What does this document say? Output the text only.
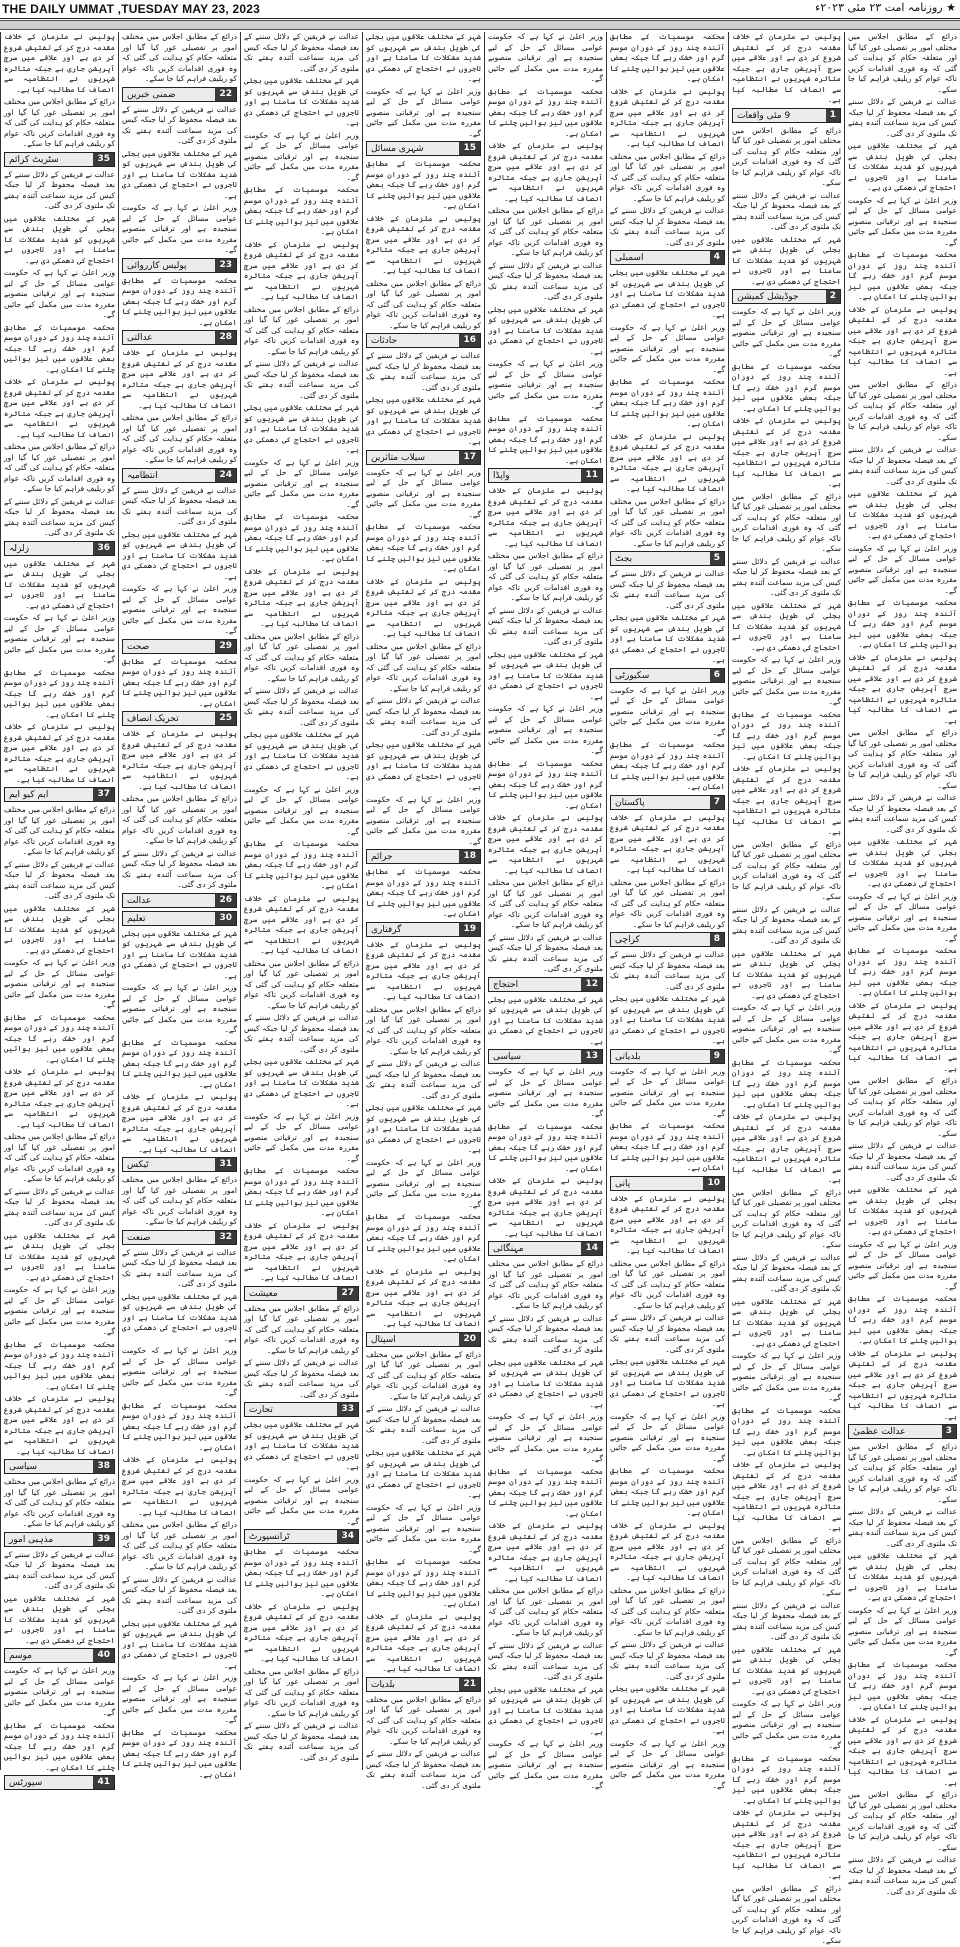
THE DAILY UMMAT ,TUESDAY MAY 23, 2023	★ روزنامہ امت ۲۳ مئی ۲۰۲۳ء

پولیس نے ملزمان کے خلاف مقدمہ درج کر کے تفتیش شروع کر دی ہے اور علاقے میں سرچ آپریشن جاری ہے جبکہ متاثرہ شہریوں نے انتظامیہ سے انصاف کا مطالبہ کیا ہے۔

ذرائع کے مطابق اجلاس میں مختلف امور پر تفصیلی غور کیا گیا اور متعلقہ حکام کو ہدایت کی گئی کہ وہ فوری اقدامات کریں تاکہ عوام کو ریلیف فراہم کیا جا سکے۔

سٹریٹ کرائم	35

عدالت نے فریقین کے دلائل سننے کے بعد فیصلہ محفوظ کر لیا جبکہ کیس کی مزید سماعت آئندہ ہفتے تک ملتوی کر دی گئی۔

شہر کے مختلف علاقوں میں بجلی کی طویل بندش سے شہریوں کو شدید مشکلات کا سامنا ہے اور تاجروں نے احتجاج کی دھمکی دی ہے۔

وزیر اعلیٰ نے کہا ہے کہ حکومت عوامی مسائل کے حل کے لیے سنجیدہ ہے اور ترقیاتی منصوبے مقررہ مدت میں مکمل کیے جائیں گے۔

محکمہ موسمیات کے مطابق آئندہ چند روز کے دوران موسم گرم اور خشک رہے گا جبکہ بعض علاقوں میں تیز ہوائیں چلنے کا امکان ہے۔

پولیس نے ملزمان کے خلاف مقدمہ درج کر کے تفتیش شروع کر دی ہے اور علاقے میں سرچ آپریشن جاری ہے جبکہ متاثرہ شہریوں نے انتظامیہ سے انصاف کا مطالبہ کیا ہے۔

ذرائع کے مطابق اجلاس میں مختلف امور پر تفصیلی غور کیا گیا اور متعلقہ حکام کو ہدایت کی گئی کہ وہ فوری اقدامات کریں تاکہ عوام کو ریلیف فراہم کیا جا سکے۔

عدالت نے فریقین کے دلائل سننے کے بعد فیصلہ محفوظ کر لیا جبکہ کیس کی مزید سماعت آئندہ ہفتے تک ملتوی کر دی گئی۔

زلزلہ	36

شہر کے مختلف علاقوں میں بجلی کی طویل بندش سے شہریوں کو شدید مشکلات کا سامنا ہے اور تاجروں نے احتجاج کی دھمکی دی ہے۔

وزیر اعلیٰ نے کہا ہے کہ حکومت عوامی مسائل کے حل کے لیے سنجیدہ ہے اور ترقیاتی منصوبے مقررہ مدت میں مکمل کیے جائیں گے۔

محکمہ موسمیات کے مطابق آئندہ چند روز کے دوران موسم گرم اور خشک رہے گا جبکہ بعض علاقوں میں تیز ہوائیں چلنے کا امکان ہے۔

پولیس نے ملزمان کے خلاف مقدمہ درج کر کے تفتیش شروع کر دی ہے اور علاقے میں سرچ آپریشن جاری ہے جبکہ متاثرہ شہریوں نے انتظامیہ سے انصاف کا مطالبہ کیا ہے۔

ایم کیو ایم	37

ذرائع کے مطابق اجلاس میں مختلف امور پر تفصیلی غور کیا گیا اور متعلقہ حکام کو ہدایت کی گئی کہ وہ فوری اقدامات کریں تاکہ عوام کو ریلیف فراہم کیا جا سکے۔

عدالت نے فریقین کے دلائل سننے کے بعد فیصلہ محفوظ کر لیا جبکہ کیس کی مزید سماعت آئندہ ہفتے تک ملتوی کر دی گئی۔

شہر کے مختلف علاقوں میں بجلی کی طویل بندش سے شہریوں کو شدید مشکلات کا سامنا ہے اور تاجروں نے احتجاج کی دھمکی دی ہے۔

وزیر اعلیٰ نے کہا ہے کہ حکومت عوامی مسائل کے حل کے لیے سنجیدہ ہے اور ترقیاتی منصوبے مقررہ مدت میں مکمل کیے جائیں گے۔

محکمہ موسمیات کے مطابق آئندہ چند روز کے دوران موسم گرم اور خشک رہے گا جبکہ بعض علاقوں میں تیز ہوائیں چلنے کا امکان ہے۔

پولیس نے ملزمان کے خلاف مقدمہ درج کر کے تفتیش شروع کر دی ہے اور علاقے میں سرچ آپریشن جاری ہے جبکہ متاثرہ شہریوں نے انتظامیہ سے انصاف کا مطالبہ کیا ہے۔

ذرائع کے مطابق اجلاس میں مختلف امور پر تفصیلی غور کیا گیا اور متعلقہ حکام کو ہدایت کی گئی کہ وہ فوری اقدامات کریں تاکہ عوام کو ریلیف فراہم کیا جا سکے۔

عدالت نے فریقین کے دلائل سننے کے بعد فیصلہ محفوظ کر لیا جبکہ کیس کی مزید سماعت آئندہ ہفتے تک ملتوی کر دی گئی۔

شہر کے مختلف علاقوں میں بجلی کی طویل بندش سے شہریوں کو شدید مشکلات کا سامنا ہے اور تاجروں نے احتجاج کی دھمکی دی ہے۔

وزیر اعلیٰ نے کہا ہے کہ حکومت عوامی مسائل کے حل کے لیے سنجیدہ ہے اور ترقیاتی منصوبے مقررہ مدت میں مکمل کیے جائیں گے۔

محکمہ موسمیات کے مطابق آئندہ چند روز کے دوران موسم گرم اور خشک رہے گا جبکہ بعض علاقوں میں تیز ہوائیں چلنے کا امکان ہے۔

پولیس نے ملزمان کے خلاف مقدمہ درج کر کے تفتیش شروع کر دی ہے اور علاقے میں سرچ آپریشن جاری ہے جبکہ متاثرہ شہریوں نے انتظامیہ سے انصاف کا مطالبہ کیا ہے۔

سیاسی	38

ذرائع کے مطابق اجلاس میں مختلف امور پر تفصیلی غور کیا گیا اور متعلقہ حکام کو ہدایت کی گئی کہ وہ فوری اقدامات کریں تاکہ عوام کو ریلیف فراہم کیا جا سکے۔

مذہبی امور	39

عدالت نے فریقین کے دلائل سننے کے بعد فیصلہ محفوظ کر لیا جبکہ کیس کی مزید سماعت آئندہ ہفتے تک ملتوی کر دی گئی۔

شہر کے مختلف علاقوں میں بجلی کی طویل بندش سے شہریوں کو شدید مشکلات کا سامنا ہے اور تاجروں نے احتجاج کی دھمکی دی ہے۔

موسم	40

وزیر اعلیٰ نے کہا ہے کہ حکومت عوامی مسائل کے حل کے لیے سنجیدہ ہے اور ترقیاتی منصوبے مقررہ مدت میں مکمل کیے جائیں گے۔

محکمہ موسمیات کے مطابق آئندہ چند روز کے دوران موسم گرم اور خشک رہے گا جبکہ بعض علاقوں میں تیز ہوائیں چلنے کا امکان ہے۔

سپورٹس	41

ذرائع کے مطابق اجلاس میں مختلف امور پر تفصیلی غور کیا گیا اور متعلقہ حکام کو ہدایت کی گئی کہ وہ فوری اقدامات کریں تاکہ عوام کو ریلیف فراہم کیا جا سکے۔

ضمنی خبریں	22

عدالت نے فریقین کے دلائل سننے کے بعد فیصلہ محفوظ کر لیا جبکہ کیس کی مزید سماعت آئندہ ہفتے تک ملتوی کر دی گئی۔

شہر کے مختلف علاقوں میں بجلی کی طویل بندش سے شہریوں کو شدید مشکلات کا سامنا ہے اور تاجروں نے احتجاج کی دھمکی دی ہے۔

وزیر اعلیٰ نے کہا ہے کہ حکومت عوامی مسائل کے حل کے لیے سنجیدہ ہے اور ترقیاتی منصوبے مقررہ مدت میں مکمل کیے جائیں گے۔

پولیس کارروائی	23

محکمہ موسمیات کے مطابق آئندہ چند روز کے دوران موسم گرم اور خشک رہے گا جبکہ بعض علاقوں میں تیز ہوائیں چلنے کا امکان ہے۔

عدالتی	28

پولیس نے ملزمان کے خلاف مقدمہ درج کر کے تفتیش شروع کر دی ہے اور علاقے میں سرچ آپریشن جاری ہے جبکہ متاثرہ شہریوں نے انتظامیہ سے انصاف کا مطالبہ کیا ہے۔

ذرائع کے مطابق اجلاس میں مختلف امور پر تفصیلی غور کیا گیا اور متعلقہ حکام کو ہدایت کی گئی کہ وہ فوری اقدامات کریں تاکہ عوام کو ریلیف فراہم کیا جا سکے۔

انتظامیہ	24

عدالت نے فریقین کے دلائل سننے کے بعد فیصلہ محفوظ کر لیا جبکہ کیس کی مزید سماعت آئندہ ہفتے تک ملتوی کر دی گئی۔

شہر کے مختلف علاقوں میں بجلی کی طویل بندش سے شہریوں کو شدید مشکلات کا سامنا ہے اور تاجروں نے احتجاج کی دھمکی دی ہے۔

وزیر اعلیٰ نے کہا ہے کہ حکومت عوامی مسائل کے حل کے لیے سنجیدہ ہے اور ترقیاتی منصوبے مقررہ مدت میں مکمل کیے جائیں گے۔

صحت	29

محکمہ موسمیات کے مطابق آئندہ چند روز کے دوران موسم گرم اور خشک رہے گا جبکہ بعض علاقوں میں تیز ہوائیں چلنے کا امکان ہے۔

تحریک انصاف	25

پولیس نے ملزمان کے خلاف مقدمہ درج کر کے تفتیش شروع کر دی ہے اور علاقے میں سرچ آپریشن جاری ہے جبکہ متاثرہ شہریوں نے انتظامیہ سے انصاف کا مطالبہ کیا ہے۔

ذرائع کے مطابق اجلاس میں مختلف امور پر تفصیلی غور کیا گیا اور متعلقہ حکام کو ہدایت کی گئی کہ وہ فوری اقدامات کریں تاکہ عوام کو ریلیف فراہم کیا جا سکے۔

عدالت نے فریقین کے دلائل سننے کے بعد فیصلہ محفوظ کر لیا جبکہ کیس کی مزید سماعت آئندہ ہفتے تک ملتوی کر دی گئی۔

عدالت	26
تعلیم	30

شہر کے مختلف علاقوں میں بجلی کی طویل بندش سے شہریوں کو شدید مشکلات کا سامنا ہے اور تاجروں نے احتجاج کی دھمکی دی ہے۔

وزیر اعلیٰ نے کہا ہے کہ حکومت عوامی مسائل کے حل کے لیے سنجیدہ ہے اور ترقیاتی منصوبے مقررہ مدت میں مکمل کیے جائیں گے۔

محکمہ موسمیات کے مطابق آئندہ چند روز کے دوران موسم گرم اور خشک رہے گا جبکہ بعض علاقوں میں تیز ہوائیں چلنے کا امکان ہے۔

پولیس نے ملزمان کے خلاف مقدمہ درج کر کے تفتیش شروع کر دی ہے اور علاقے میں سرچ آپریشن جاری ہے جبکہ متاثرہ شہریوں نے انتظامیہ سے انصاف کا مطالبہ کیا ہے۔

ٹیکس	31

ذرائع کے مطابق اجلاس میں مختلف امور پر تفصیلی غور کیا گیا اور متعلقہ حکام کو ہدایت کی گئی کہ وہ فوری اقدامات کریں تاکہ عوام کو ریلیف فراہم کیا جا سکے۔

صنعت	32

عدالت نے فریقین کے دلائل سننے کے بعد فیصلہ محفوظ کر لیا جبکہ کیس کی مزید سماعت آئندہ ہفتے تک ملتوی کر دی گئی۔

شہر کے مختلف علاقوں میں بجلی کی طویل بندش سے شہریوں کو شدید مشکلات کا سامنا ہے اور تاجروں نے احتجاج کی دھمکی دی ہے۔

وزیر اعلیٰ نے کہا ہے کہ حکومت عوامی مسائل کے حل کے لیے سنجیدہ ہے اور ترقیاتی منصوبے مقررہ مدت میں مکمل کیے جائیں گے۔

محکمہ موسمیات کے مطابق آئندہ چند روز کے دوران موسم گرم اور خشک رہے گا جبکہ بعض علاقوں میں تیز ہوائیں چلنے کا امکان ہے۔

پولیس نے ملزمان کے خلاف مقدمہ درج کر کے تفتیش شروع کر دی ہے اور علاقے میں سرچ آپریشن جاری ہے جبکہ متاثرہ شہریوں نے انتظامیہ سے انصاف کا مطالبہ کیا ہے۔

ذرائع کے مطابق اجلاس میں مختلف امور پر تفصیلی غور کیا گیا اور متعلقہ حکام کو ہدایت کی گئی کہ وہ فوری اقدامات کریں تاکہ عوام کو ریلیف فراہم کیا جا سکے۔

عدالت نے فریقین کے دلائل سننے کے بعد فیصلہ محفوظ کر لیا جبکہ کیس کی مزید سماعت آئندہ ہفتے تک ملتوی کر دی گئی۔

شہر کے مختلف علاقوں میں بجلی کی طویل بندش سے شہریوں کو شدید مشکلات کا سامنا ہے اور تاجروں نے احتجاج کی دھمکی دی ہے۔

وزیر اعلیٰ نے کہا ہے کہ حکومت عوامی مسائل کے حل کے لیے سنجیدہ ہے اور ترقیاتی منصوبے مقررہ مدت میں مکمل کیے جائیں گے۔

محکمہ موسمیات کے مطابق آئندہ چند روز کے دوران موسم گرم اور خشک رہے گا جبکہ بعض علاقوں میں تیز ہوائیں چلنے کا امکان ہے۔

عدالت نے فریقین کے دلائل سننے کے بعد فیصلہ محفوظ کر لیا جبکہ کیس کی مزید سماعت آئندہ ہفتے تک ملتوی کر دی گئی۔

شہر کے مختلف علاقوں میں بجلی کی طویل بندش سے شہریوں کو شدید مشکلات کا سامنا ہے اور تاجروں نے احتجاج کی دھمکی دی ہے۔

وزیر اعلیٰ نے کہا ہے کہ حکومت عوامی مسائل کے حل کے لیے سنجیدہ ہے اور ترقیاتی منصوبے مقررہ مدت میں مکمل کیے جائیں گے۔

محکمہ موسمیات کے مطابق آئندہ چند روز کے دوران موسم گرم اور خشک رہے گا جبکہ بعض علاقوں میں تیز ہوائیں چلنے کا امکان ہے۔

پولیس نے ملزمان کے خلاف مقدمہ درج کر کے تفتیش شروع کر دی ہے اور علاقے میں سرچ آپریشن جاری ہے جبکہ متاثرہ شہریوں نے انتظامیہ سے انصاف کا مطالبہ کیا ہے۔

ذرائع کے مطابق اجلاس میں مختلف امور پر تفصیلی غور کیا گیا اور متعلقہ حکام کو ہدایت کی گئی کہ وہ فوری اقدامات کریں تاکہ عوام کو ریلیف فراہم کیا جا سکے۔

عدالت نے فریقین کے دلائل سننے کے بعد فیصلہ محفوظ کر لیا جبکہ کیس کی مزید سماعت آئندہ ہفتے تک ملتوی کر دی گئی۔

شہر کے مختلف علاقوں میں بجلی کی طویل بندش سے شہریوں کو شدید مشکلات کا سامنا ہے اور تاجروں نے احتجاج کی دھمکی دی ہے۔

وزیر اعلیٰ نے کہا ہے کہ حکومت عوامی مسائل کے حل کے لیے سنجیدہ ہے اور ترقیاتی منصوبے مقررہ مدت میں مکمل کیے جائیں گے۔

محکمہ موسمیات کے مطابق آئندہ چند روز کے دوران موسم گرم اور خشک رہے گا جبکہ بعض علاقوں میں تیز ہوائیں چلنے کا امکان ہے۔

پولیس نے ملزمان کے خلاف مقدمہ درج کر کے تفتیش شروع کر دی ہے اور علاقے میں سرچ آپریشن جاری ہے جبکہ متاثرہ شہریوں نے انتظامیہ سے انصاف کا مطالبہ کیا ہے۔

ذرائع کے مطابق اجلاس میں مختلف امور پر تفصیلی غور کیا گیا اور متعلقہ حکام کو ہدایت کی گئی کہ وہ فوری اقدامات کریں تاکہ عوام کو ریلیف فراہم کیا جا سکے۔

عدالت نے فریقین کے دلائل سننے کے بعد فیصلہ محفوظ کر لیا جبکہ کیس کی مزید سماعت آئندہ ہفتے تک ملتوی کر دی گئی۔

شہر کے مختلف علاقوں میں بجلی کی طویل بندش سے شہریوں کو شدید مشکلات کا سامنا ہے اور تاجروں نے احتجاج کی دھمکی دی ہے۔

وزیر اعلیٰ نے کہا ہے کہ حکومت عوامی مسائل کے حل کے لیے سنجیدہ ہے اور ترقیاتی منصوبے مقررہ مدت میں مکمل کیے جائیں گے۔

محکمہ موسمیات کے مطابق آئندہ چند روز کے دوران موسم گرم اور خشک رہے گا جبکہ بعض علاقوں میں تیز ہوائیں چلنے کا امکان ہے۔

پولیس نے ملزمان کے خلاف مقدمہ درج کر کے تفتیش شروع کر دی ہے اور علاقے میں سرچ آپریشن جاری ہے جبکہ متاثرہ شہریوں نے انتظامیہ سے انصاف کا مطالبہ کیا ہے۔

ذرائع کے مطابق اجلاس میں مختلف امور پر تفصیلی غور کیا گیا اور متعلقہ حکام کو ہدایت کی گئی کہ وہ فوری اقدامات کریں تاکہ عوام کو ریلیف فراہم کیا جا سکے۔

عدالت نے فریقین کے دلائل سننے کے بعد فیصلہ محفوظ کر لیا جبکہ کیس کی مزید سماعت آئندہ ہفتے تک ملتوی کر دی گئی۔

شہر کے مختلف علاقوں میں بجلی کی طویل بندش سے شہریوں کو شدید مشکلات کا سامنا ہے اور تاجروں نے احتجاج کی دھمکی دی ہے۔

وزیر اعلیٰ نے کہا ہے کہ حکومت عوامی مسائل کے حل کے لیے سنجیدہ ہے اور ترقیاتی منصوبے مقررہ مدت میں مکمل کیے جائیں گے۔

محکمہ موسمیات کے مطابق آئندہ چند روز کے دوران موسم گرم اور خشک رہے گا جبکہ بعض علاقوں میں تیز ہوائیں چلنے کا امکان ہے۔

پولیس نے ملزمان کے خلاف مقدمہ درج کر کے تفتیش شروع کر دی ہے اور علاقے میں سرچ آپریشن جاری ہے جبکہ متاثرہ شہریوں نے انتظامیہ سے انصاف کا مطالبہ کیا ہے۔

معیشت	27

ذرائع کے مطابق اجلاس میں مختلف امور پر تفصیلی غور کیا گیا اور متعلقہ حکام کو ہدایت کی گئی کہ وہ فوری اقدامات کریں تاکہ عوام کو ریلیف فراہم کیا جا سکے۔

عدالت نے فریقین کے دلائل سننے کے بعد فیصلہ محفوظ کر لیا جبکہ کیس کی مزید سماعت آئندہ ہفتے تک ملتوی کر دی گئی۔

تجارت	33

شہر کے مختلف علاقوں میں بجلی کی طویل بندش سے شہریوں کو شدید مشکلات کا سامنا ہے اور تاجروں نے احتجاج کی دھمکی دی ہے۔

وزیر اعلیٰ نے کہا ہے کہ حکومت عوامی مسائل کے حل کے لیے سنجیدہ ہے اور ترقیاتی منصوبے مقررہ مدت میں مکمل کیے جائیں گے۔

ٹرانسپورٹ	34

محکمہ موسمیات کے مطابق آئندہ چند روز کے دوران موسم گرم اور خشک رہے گا جبکہ بعض علاقوں میں تیز ہوائیں چلنے کا امکان ہے۔

پولیس نے ملزمان کے خلاف مقدمہ درج کر کے تفتیش شروع کر دی ہے اور علاقے میں سرچ آپریشن جاری ہے جبکہ متاثرہ شہریوں نے انتظامیہ سے انصاف کا مطالبہ کیا ہے۔

ذرائع کے مطابق اجلاس میں مختلف امور پر تفصیلی غور کیا گیا اور متعلقہ حکام کو ہدایت کی گئی کہ وہ فوری اقدامات کریں تاکہ عوام کو ریلیف فراہم کیا جا سکے۔

عدالت نے فریقین کے دلائل سننے کے بعد فیصلہ محفوظ کر لیا جبکہ کیس کی مزید سماعت آئندہ ہفتے تک ملتوی کر دی گئی۔

شہر کے مختلف علاقوں میں بجلی کی طویل بندش سے شہریوں کو شدید مشکلات کا سامنا ہے اور تاجروں نے احتجاج کی دھمکی دی ہے۔

وزیر اعلیٰ نے کہا ہے کہ حکومت عوامی مسائل کے حل کے لیے سنجیدہ ہے اور ترقیاتی منصوبے مقررہ مدت میں مکمل کیے جائیں گے۔

شہری مسائل	15

محکمہ موسمیات کے مطابق آئندہ چند روز کے دوران موسم گرم اور خشک رہے گا جبکہ بعض علاقوں میں تیز ہوائیں چلنے کا امکان ہے۔

پولیس نے ملزمان کے خلاف مقدمہ درج کر کے تفتیش شروع کر دی ہے اور علاقے میں سرچ آپریشن جاری ہے جبکہ متاثرہ شہریوں نے انتظامیہ سے انصاف کا مطالبہ کیا ہے۔

ذرائع کے مطابق اجلاس میں مختلف امور پر تفصیلی غور کیا گیا اور متعلقہ حکام کو ہدایت کی گئی کہ وہ فوری اقدامات کریں تاکہ عوام کو ریلیف فراہم کیا جا سکے۔

حادثات	16

عدالت نے فریقین کے دلائل سننے کے بعد فیصلہ محفوظ کر لیا جبکہ کیس کی مزید سماعت آئندہ ہفتے تک ملتوی کر دی گئی۔

شہر کے مختلف علاقوں میں بجلی کی طویل بندش سے شہریوں کو شدید مشکلات کا سامنا ہے اور تاجروں نے احتجاج کی دھمکی دی ہے۔

سیلاب متاثرین	17

وزیر اعلیٰ نے کہا ہے کہ حکومت عوامی مسائل کے حل کے لیے سنجیدہ ہے اور ترقیاتی منصوبے مقررہ مدت میں مکمل کیے جائیں گے۔

محکمہ موسمیات کے مطابق آئندہ چند روز کے دوران موسم گرم اور خشک رہے گا جبکہ بعض علاقوں میں تیز ہوائیں چلنے کا امکان ہے۔

پولیس نے ملزمان کے خلاف مقدمہ درج کر کے تفتیش شروع کر دی ہے اور علاقے میں سرچ آپریشن جاری ہے جبکہ متاثرہ شہریوں نے انتظامیہ سے انصاف کا مطالبہ کیا ہے۔

ذرائع کے مطابق اجلاس میں مختلف امور پر تفصیلی غور کیا گیا اور متعلقہ حکام کو ہدایت کی گئی کہ وہ فوری اقدامات کریں تاکہ عوام کو ریلیف فراہم کیا جا سکے۔

عدالت نے فریقین کے دلائل سننے کے بعد فیصلہ محفوظ کر لیا جبکہ کیس کی مزید سماعت آئندہ ہفتے تک ملتوی کر دی گئی۔

شہر کے مختلف علاقوں میں بجلی کی طویل بندش سے شہریوں کو شدید مشکلات کا سامنا ہے اور تاجروں نے احتجاج کی دھمکی دی ہے۔

وزیر اعلیٰ نے کہا ہے کہ حکومت عوامی مسائل کے حل کے لیے سنجیدہ ہے اور ترقیاتی منصوبے مقررہ مدت میں مکمل کیے جائیں گے۔

جرائم	18

محکمہ موسمیات کے مطابق آئندہ چند روز کے دوران موسم گرم اور خشک رہے گا جبکہ بعض علاقوں میں تیز ہوائیں چلنے کا امکان ہے۔

گرفتاری	19

پولیس نے ملزمان کے خلاف مقدمہ درج کر کے تفتیش شروع کر دی ہے اور علاقے میں سرچ آپریشن جاری ہے جبکہ متاثرہ شہریوں نے انتظامیہ سے انصاف کا مطالبہ کیا ہے۔

ذرائع کے مطابق اجلاس میں مختلف امور پر تفصیلی غور کیا گیا اور متعلقہ حکام کو ہدایت کی گئی کہ وہ فوری اقدامات کریں تاکہ عوام کو ریلیف فراہم کیا جا سکے۔

عدالت نے فریقین کے دلائل سننے کے بعد فیصلہ محفوظ کر لیا جبکہ کیس کی مزید سماعت آئندہ ہفتے تک ملتوی کر دی گئی۔

شہر کے مختلف علاقوں میں بجلی کی طویل بندش سے شہریوں کو شدید مشکلات کا سامنا ہے اور تاجروں نے احتجاج کی دھمکی دی ہے۔

وزیر اعلیٰ نے کہا ہے کہ حکومت عوامی مسائل کے حل کے لیے سنجیدہ ہے اور ترقیاتی منصوبے مقررہ مدت میں مکمل کیے جائیں گے۔

محکمہ موسمیات کے مطابق آئندہ چند روز کے دوران موسم گرم اور خشک رہے گا جبکہ بعض علاقوں میں تیز ہوائیں چلنے کا امکان ہے۔

پولیس نے ملزمان کے خلاف مقدمہ درج کر کے تفتیش شروع کر دی ہے اور علاقے میں سرچ آپریشن جاری ہے جبکہ متاثرہ شہریوں نے انتظامیہ سے انصاف کا مطالبہ کیا ہے۔

اسپتال	20

ذرائع کے مطابق اجلاس میں مختلف امور پر تفصیلی غور کیا گیا اور متعلقہ حکام کو ہدایت کی گئی کہ وہ فوری اقدامات کریں تاکہ عوام کو ریلیف فراہم کیا جا سکے۔

عدالت نے فریقین کے دلائل سننے کے بعد فیصلہ محفوظ کر لیا جبکہ کیس کی مزید سماعت آئندہ ہفتے تک ملتوی کر دی گئی۔

شہر کے مختلف علاقوں میں بجلی کی طویل بندش سے شہریوں کو شدید مشکلات کا سامنا ہے اور تاجروں نے احتجاج کی دھمکی دی ہے۔

وزیر اعلیٰ نے کہا ہے کہ حکومت عوامی مسائل کے حل کے لیے سنجیدہ ہے اور ترقیاتی منصوبے مقررہ مدت میں مکمل کیے جائیں گے۔

محکمہ موسمیات کے مطابق آئندہ چند روز کے دوران موسم گرم اور خشک رہے گا جبکہ بعض علاقوں میں تیز ہوائیں چلنے کا امکان ہے۔

پولیس نے ملزمان کے خلاف مقدمہ درج کر کے تفتیش شروع کر دی ہے اور علاقے میں سرچ آپریشن جاری ہے جبکہ متاثرہ شہریوں نے انتظامیہ سے انصاف کا مطالبہ کیا ہے۔

بلدیات	21

ذرائع کے مطابق اجلاس میں مختلف امور پر تفصیلی غور کیا گیا اور متعلقہ حکام کو ہدایت کی گئی کہ وہ فوری اقدامات کریں تاکہ عوام کو ریلیف فراہم کیا جا سکے۔

عدالت نے فریقین کے دلائل سننے کے بعد فیصلہ محفوظ کر لیا جبکہ کیس کی مزید سماعت آئندہ ہفتے تک ملتوی کر دی گئی۔

وزیر اعلیٰ نے کہا ہے کہ حکومت عوامی مسائل کے حل کے لیے سنجیدہ ہے اور ترقیاتی منصوبے مقررہ مدت میں مکمل کیے جائیں گے۔

محکمہ موسمیات کے مطابق آئندہ چند روز کے دوران موسم گرم اور خشک رہے گا جبکہ بعض علاقوں میں تیز ہوائیں چلنے کا امکان ہے۔

پولیس نے ملزمان کے خلاف مقدمہ درج کر کے تفتیش شروع کر دی ہے اور علاقے میں سرچ آپریشن جاری ہے جبکہ متاثرہ شہریوں نے انتظامیہ سے انصاف کا مطالبہ کیا ہے۔

ذرائع کے مطابق اجلاس میں مختلف امور پر تفصیلی غور کیا گیا اور متعلقہ حکام کو ہدایت کی گئی کہ وہ فوری اقدامات کریں تاکہ عوام کو ریلیف فراہم کیا جا سکے۔

عدالت نے فریقین کے دلائل سننے کے بعد فیصلہ محفوظ کر لیا جبکہ کیس کی مزید سماعت آئندہ ہفتے تک ملتوی کر دی گئی۔

شہر کے مختلف علاقوں میں بجلی کی طویل بندش سے شہریوں کو شدید مشکلات کا سامنا ہے اور تاجروں نے احتجاج کی دھمکی دی ہے۔

وزیر اعلیٰ نے کہا ہے کہ حکومت عوامی مسائل کے حل کے لیے سنجیدہ ہے اور ترقیاتی منصوبے مقررہ مدت میں مکمل کیے جائیں گے۔

محکمہ موسمیات کے مطابق آئندہ چند روز کے دوران موسم گرم اور خشک رہے گا جبکہ بعض علاقوں میں تیز ہوائیں چلنے کا امکان ہے۔

واپڈا	11

پولیس نے ملزمان کے خلاف مقدمہ درج کر کے تفتیش شروع کر دی ہے اور علاقے میں سرچ آپریشن جاری ہے جبکہ متاثرہ شہریوں نے انتظامیہ سے انصاف کا مطالبہ کیا ہے۔

ذرائع کے مطابق اجلاس میں مختلف امور پر تفصیلی غور کیا گیا اور متعلقہ حکام کو ہدایت کی گئی کہ وہ فوری اقدامات کریں تاکہ عوام کو ریلیف فراہم کیا جا سکے۔

عدالت نے فریقین کے دلائل سننے کے بعد فیصلہ محفوظ کر لیا جبکہ کیس کی مزید سماعت آئندہ ہفتے تک ملتوی کر دی گئی۔

شہر کے مختلف علاقوں میں بجلی کی طویل بندش سے شہریوں کو شدید مشکلات کا سامنا ہے اور تاجروں نے احتجاج کی دھمکی دی ہے۔

وزیر اعلیٰ نے کہا ہے کہ حکومت عوامی مسائل کے حل کے لیے سنجیدہ ہے اور ترقیاتی منصوبے مقررہ مدت میں مکمل کیے جائیں گے۔

محکمہ موسمیات کے مطابق آئندہ چند روز کے دوران موسم گرم اور خشک رہے گا جبکہ بعض علاقوں میں تیز ہوائیں چلنے کا امکان ہے۔

پولیس نے ملزمان کے خلاف مقدمہ درج کر کے تفتیش شروع کر دی ہے اور علاقے میں سرچ آپریشن جاری ہے جبکہ متاثرہ شہریوں نے انتظامیہ سے انصاف کا مطالبہ کیا ہے۔

ذرائع کے مطابق اجلاس میں مختلف امور پر تفصیلی غور کیا گیا اور متعلقہ حکام کو ہدایت کی گئی کہ وہ فوری اقدامات کریں تاکہ عوام کو ریلیف فراہم کیا جا سکے۔

عدالت نے فریقین کے دلائل سننے کے بعد فیصلہ محفوظ کر لیا جبکہ کیس کی مزید سماعت آئندہ ہفتے تک ملتوی کر دی گئی۔

احتجاج	12

شہر کے مختلف علاقوں میں بجلی کی طویل بندش سے شہریوں کو شدید مشکلات کا سامنا ہے اور تاجروں نے احتجاج کی دھمکی دی ہے۔

سیاسی	13

وزیر اعلیٰ نے کہا ہے کہ حکومت عوامی مسائل کے حل کے لیے سنجیدہ ہے اور ترقیاتی منصوبے مقررہ مدت میں مکمل کیے جائیں گے۔

محکمہ موسمیات کے مطابق آئندہ چند روز کے دوران موسم گرم اور خشک رہے گا جبکہ بعض علاقوں میں تیز ہوائیں چلنے کا امکان ہے۔

پولیس نے ملزمان کے خلاف مقدمہ درج کر کے تفتیش شروع کر دی ہے اور علاقے میں سرچ آپریشن جاری ہے جبکہ متاثرہ شہریوں نے انتظامیہ سے انصاف کا مطالبہ کیا ہے۔

مہنگائی	14

ذرائع کے مطابق اجلاس میں مختلف امور پر تفصیلی غور کیا گیا اور متعلقہ حکام کو ہدایت کی گئی کہ وہ فوری اقدامات کریں تاکہ عوام کو ریلیف فراہم کیا جا سکے۔

عدالت نے فریقین کے دلائل سننے کے بعد فیصلہ محفوظ کر لیا جبکہ کیس کی مزید سماعت آئندہ ہفتے تک ملتوی کر دی گئی۔

شہر کے مختلف علاقوں میں بجلی کی طویل بندش سے شہریوں کو شدید مشکلات کا سامنا ہے اور تاجروں نے احتجاج کی دھمکی دی ہے۔

وزیر اعلیٰ نے کہا ہے کہ حکومت عوامی مسائل کے حل کے لیے سنجیدہ ہے اور ترقیاتی منصوبے مقررہ مدت میں مکمل کیے جائیں گے۔

محکمہ موسمیات کے مطابق آئندہ چند روز کے دوران موسم گرم اور خشک رہے گا جبکہ بعض علاقوں میں تیز ہوائیں چلنے کا امکان ہے۔

پولیس نے ملزمان کے خلاف مقدمہ درج کر کے تفتیش شروع کر دی ہے اور علاقے میں سرچ آپریشن جاری ہے جبکہ متاثرہ شہریوں نے انتظامیہ سے انصاف کا مطالبہ کیا ہے۔

ذرائع کے مطابق اجلاس میں مختلف امور پر تفصیلی غور کیا گیا اور متعلقہ حکام کو ہدایت کی گئی کہ وہ فوری اقدامات کریں تاکہ عوام کو ریلیف فراہم کیا جا سکے۔

عدالت نے فریقین کے دلائل سننے کے بعد فیصلہ محفوظ کر لیا جبکہ کیس کی مزید سماعت آئندہ ہفتے تک ملتوی کر دی گئی۔

شہر کے مختلف علاقوں میں بجلی کی طویل بندش سے شہریوں کو شدید مشکلات کا سامنا ہے اور تاجروں نے احتجاج کی دھمکی دی ہے۔

وزیر اعلیٰ نے کہا ہے کہ حکومت عوامی مسائل کے حل کے لیے سنجیدہ ہے اور ترقیاتی منصوبے مقررہ مدت میں مکمل کیے جائیں گے۔

محکمہ موسمیات کے مطابق آئندہ چند روز کے دوران موسم گرم اور خشک رہے گا جبکہ بعض علاقوں میں تیز ہوائیں چلنے کا امکان ہے۔

پولیس نے ملزمان کے خلاف مقدمہ درج کر کے تفتیش شروع کر دی ہے اور علاقے میں سرچ آپریشن جاری ہے جبکہ متاثرہ شہریوں نے انتظامیہ سے انصاف کا مطالبہ کیا ہے۔

ذرائع کے مطابق اجلاس میں مختلف امور پر تفصیلی غور کیا گیا اور متعلقہ حکام کو ہدایت کی گئی کہ وہ فوری اقدامات کریں تاکہ عوام کو ریلیف فراہم کیا جا سکے۔

عدالت نے فریقین کے دلائل سننے کے بعد فیصلہ محفوظ کر لیا جبکہ کیس کی مزید سماعت آئندہ ہفتے تک ملتوی کر دی گئی۔

اسمبلی	4

شہر کے مختلف علاقوں میں بجلی کی طویل بندش سے شہریوں کو شدید مشکلات کا سامنا ہے اور تاجروں نے احتجاج کی دھمکی دی ہے۔

وزیر اعلیٰ نے کہا ہے کہ حکومت عوامی مسائل کے حل کے لیے سنجیدہ ہے اور ترقیاتی منصوبے مقررہ مدت میں مکمل کیے جائیں گے۔

محکمہ موسمیات کے مطابق آئندہ چند روز کے دوران موسم گرم اور خشک رہے گا جبکہ بعض علاقوں میں تیز ہوائیں چلنے کا امکان ہے۔

پولیس نے ملزمان کے خلاف مقدمہ درج کر کے تفتیش شروع کر دی ہے اور علاقے میں سرچ آپریشن جاری ہے جبکہ متاثرہ شہریوں نے انتظامیہ سے انصاف کا مطالبہ کیا ہے۔

ذرائع کے مطابق اجلاس میں مختلف امور پر تفصیلی غور کیا گیا اور متعلقہ حکام کو ہدایت کی گئی کہ وہ فوری اقدامات کریں تاکہ عوام کو ریلیف فراہم کیا جا سکے۔

بجٹ	5

عدالت نے فریقین کے دلائل سننے کے بعد فیصلہ محفوظ کر لیا جبکہ کیس کی مزید سماعت آئندہ ہفتے تک ملتوی کر دی گئی۔

شہر کے مختلف علاقوں میں بجلی کی طویل بندش سے شہریوں کو شدید مشکلات کا سامنا ہے اور تاجروں نے احتجاج کی دھمکی دی ہے۔

سکیورٹی	6

وزیر اعلیٰ نے کہا ہے کہ حکومت عوامی مسائل کے حل کے لیے سنجیدہ ہے اور ترقیاتی منصوبے مقررہ مدت میں مکمل کیے جائیں گے۔

محکمہ موسمیات کے مطابق آئندہ چند روز کے دوران موسم گرم اور خشک رہے گا جبکہ بعض علاقوں میں تیز ہوائیں چلنے کا امکان ہے۔

پاکستان	7

پولیس نے ملزمان کے خلاف مقدمہ درج کر کے تفتیش شروع کر دی ہے اور علاقے میں سرچ آپریشن جاری ہے جبکہ متاثرہ شہریوں نے انتظامیہ سے انصاف کا مطالبہ کیا ہے۔

ذرائع کے مطابق اجلاس میں مختلف امور پر تفصیلی غور کیا گیا اور متعلقہ حکام کو ہدایت کی گئی کہ وہ فوری اقدامات کریں تاکہ عوام کو ریلیف فراہم کیا جا سکے۔

کراچی	8

عدالت نے فریقین کے دلائل سننے کے بعد فیصلہ محفوظ کر لیا جبکہ کیس کی مزید سماعت آئندہ ہفتے تک ملتوی کر دی گئی۔

شہر کے مختلف علاقوں میں بجلی کی طویل بندش سے شہریوں کو شدید مشکلات کا سامنا ہے اور تاجروں نے احتجاج کی دھمکی دی ہے۔

بلدیاتی	9

وزیر اعلیٰ نے کہا ہے کہ حکومت عوامی مسائل کے حل کے لیے سنجیدہ ہے اور ترقیاتی منصوبے مقررہ مدت میں مکمل کیے جائیں گے۔

محکمہ موسمیات کے مطابق آئندہ چند روز کے دوران موسم گرم اور خشک رہے گا جبکہ بعض علاقوں میں تیز ہوائیں چلنے کا امکان ہے۔

پانی	10

پولیس نے ملزمان کے خلاف مقدمہ درج کر کے تفتیش شروع کر دی ہے اور علاقے میں سرچ آپریشن جاری ہے جبکہ متاثرہ شہریوں نے انتظامیہ سے انصاف کا مطالبہ کیا ہے۔

ذرائع کے مطابق اجلاس میں مختلف امور پر تفصیلی غور کیا گیا اور متعلقہ حکام کو ہدایت کی گئی کہ وہ فوری اقدامات کریں تاکہ عوام کو ریلیف فراہم کیا جا سکے۔

عدالت نے فریقین کے دلائل سننے کے بعد فیصلہ محفوظ کر لیا جبکہ کیس کی مزید سماعت آئندہ ہفتے تک ملتوی کر دی گئی۔

شہر کے مختلف علاقوں میں بجلی کی طویل بندش سے شہریوں کو شدید مشکلات کا سامنا ہے اور تاجروں نے احتجاج کی دھمکی دی ہے۔

وزیر اعلیٰ نے کہا ہے کہ حکومت عوامی مسائل کے حل کے لیے سنجیدہ ہے اور ترقیاتی منصوبے مقررہ مدت میں مکمل کیے جائیں گے۔

محکمہ موسمیات کے مطابق آئندہ چند روز کے دوران موسم گرم اور خشک رہے گا جبکہ بعض علاقوں میں تیز ہوائیں چلنے کا امکان ہے۔

پولیس نے ملزمان کے خلاف مقدمہ درج کر کے تفتیش شروع کر دی ہے اور علاقے میں سرچ آپریشن جاری ہے جبکہ متاثرہ شہریوں نے انتظامیہ سے انصاف کا مطالبہ کیا ہے۔

ذرائع کے مطابق اجلاس میں مختلف امور پر تفصیلی غور کیا گیا اور متعلقہ حکام کو ہدایت کی گئی کہ وہ فوری اقدامات کریں تاکہ عوام کو ریلیف فراہم کیا جا سکے۔

عدالت نے فریقین کے دلائل سننے کے بعد فیصلہ محفوظ کر لیا جبکہ کیس کی مزید سماعت آئندہ ہفتے تک ملتوی کر دی گئی۔

شہر کے مختلف علاقوں میں بجلی کی طویل بندش سے شہریوں کو شدید مشکلات کا سامنا ہے اور تاجروں نے احتجاج کی دھمکی دی ہے۔

وزیر اعلیٰ نے کہا ہے کہ حکومت عوامی مسائل کے حل کے لیے سنجیدہ ہے اور ترقیاتی منصوبے مقررہ مدت میں مکمل کیے جائیں گے۔

پولیس نے ملزمان کے خلاف مقدمہ درج کر کے تفتیش شروع کر دی ہے اور علاقے میں سرچ آپریشن جاری ہے جبکہ متاثرہ شہریوں نے انتظامیہ سے انصاف کا مطالبہ کیا ہے۔

9 مئی واقعات	1

ذرائع کے مطابق اجلاس میں مختلف امور پر تفصیلی غور کیا گیا اور متعلقہ حکام کو ہدایت کی گئی کہ وہ فوری اقدامات کریں تاکہ عوام کو ریلیف فراہم کیا جا سکے۔

عدالت نے فریقین کے دلائل سننے کے بعد فیصلہ محفوظ کر لیا جبکہ کیس کی مزید سماعت آئندہ ہفتے تک ملتوی کر دی گئی۔

شہر کے مختلف علاقوں میں بجلی کی طویل بندش سے شہریوں کو شدید مشکلات کا سامنا ہے اور تاجروں نے احتجاج کی دھمکی دی ہے۔

جوڈیشل کمیشن	2

وزیر اعلیٰ نے کہا ہے کہ حکومت عوامی مسائل کے حل کے لیے سنجیدہ ہے اور ترقیاتی منصوبے مقررہ مدت میں مکمل کیے جائیں گے۔

محکمہ موسمیات کے مطابق آئندہ چند روز کے دوران موسم گرم اور خشک رہے گا جبکہ بعض علاقوں میں تیز ہوائیں چلنے کا امکان ہے۔

پولیس نے ملزمان کے خلاف مقدمہ درج کر کے تفتیش شروع کر دی ہے اور علاقے میں سرچ آپریشن جاری ہے جبکہ متاثرہ شہریوں نے انتظامیہ سے انصاف کا مطالبہ کیا ہے۔

ذرائع کے مطابق اجلاس میں مختلف امور پر تفصیلی غور کیا گیا اور متعلقہ حکام کو ہدایت کی گئی کہ وہ فوری اقدامات کریں تاکہ عوام کو ریلیف فراہم کیا جا سکے۔

عدالت نے فریقین کے دلائل سننے کے بعد فیصلہ محفوظ کر لیا جبکہ کیس کی مزید سماعت آئندہ ہفتے تک ملتوی کر دی گئی۔

شہر کے مختلف علاقوں میں بجلی کی طویل بندش سے شہریوں کو شدید مشکلات کا سامنا ہے اور تاجروں نے احتجاج کی دھمکی دی ہے۔

وزیر اعلیٰ نے کہا ہے کہ حکومت عوامی مسائل کے حل کے لیے سنجیدہ ہے اور ترقیاتی منصوبے مقررہ مدت میں مکمل کیے جائیں گے۔

محکمہ موسمیات کے مطابق آئندہ چند روز کے دوران موسم گرم اور خشک رہے گا جبکہ بعض علاقوں میں تیز ہوائیں چلنے کا امکان ہے۔

پولیس نے ملزمان کے خلاف مقدمہ درج کر کے تفتیش شروع کر دی ہے اور علاقے میں سرچ آپریشن جاری ہے جبکہ متاثرہ شہریوں نے انتظامیہ سے انصاف کا مطالبہ کیا ہے۔

ذرائع کے مطابق اجلاس میں مختلف امور پر تفصیلی غور کیا گیا اور متعلقہ حکام کو ہدایت کی گئی کہ وہ فوری اقدامات کریں تاکہ عوام کو ریلیف فراہم کیا جا سکے۔

عدالت نے فریقین کے دلائل سننے کے بعد فیصلہ محفوظ کر لیا جبکہ کیس کی مزید سماعت آئندہ ہفتے تک ملتوی کر دی گئی۔

شہر کے مختلف علاقوں میں بجلی کی طویل بندش سے شہریوں کو شدید مشکلات کا سامنا ہے اور تاجروں نے احتجاج کی دھمکی دی ہے۔

وزیر اعلیٰ نے کہا ہے کہ حکومت عوامی مسائل کے حل کے لیے سنجیدہ ہے اور ترقیاتی منصوبے مقررہ مدت میں مکمل کیے جائیں گے۔

محکمہ موسمیات کے مطابق آئندہ چند روز کے دوران موسم گرم اور خشک رہے گا جبکہ بعض علاقوں میں تیز ہوائیں چلنے کا امکان ہے۔

پولیس نے ملزمان کے خلاف مقدمہ درج کر کے تفتیش شروع کر دی ہے اور علاقے میں سرچ آپریشن جاری ہے جبکہ متاثرہ شہریوں نے انتظامیہ سے انصاف کا مطالبہ کیا ہے۔

ذرائع کے مطابق اجلاس میں مختلف امور پر تفصیلی غور کیا گیا اور متعلقہ حکام کو ہدایت کی گئی کہ وہ فوری اقدامات کریں تاکہ عوام کو ریلیف فراہم کیا جا سکے۔

عدالت نے فریقین کے دلائل سننے کے بعد فیصلہ محفوظ کر لیا جبکہ کیس کی مزید سماعت آئندہ ہفتے تک ملتوی کر دی گئی۔

شہر کے مختلف علاقوں میں بجلی کی طویل بندش سے شہریوں کو شدید مشکلات کا سامنا ہے اور تاجروں نے احتجاج کی دھمکی دی ہے۔

وزیر اعلیٰ نے کہا ہے کہ حکومت عوامی مسائل کے حل کے لیے سنجیدہ ہے اور ترقیاتی منصوبے مقررہ مدت میں مکمل کیے جائیں گے۔

محکمہ موسمیات کے مطابق آئندہ چند روز کے دوران موسم گرم اور خشک رہے گا جبکہ بعض علاقوں میں تیز ہوائیں چلنے کا امکان ہے۔

پولیس نے ملزمان کے خلاف مقدمہ درج کر کے تفتیش شروع کر دی ہے اور علاقے میں سرچ آپریشن جاری ہے جبکہ متاثرہ شہریوں نے انتظامیہ سے انصاف کا مطالبہ کیا ہے۔

ذرائع کے مطابق اجلاس میں مختلف امور پر تفصیلی غور کیا گیا اور متعلقہ حکام کو ہدایت کی گئی کہ وہ فوری اقدامات کریں تاکہ عوام کو ریلیف فراہم کیا جا سکے۔

عدالت نے فریقین کے دلائل سننے کے بعد فیصلہ محفوظ کر لیا جبکہ کیس کی مزید سماعت آئندہ ہفتے تک ملتوی کر دی گئی۔

شہر کے مختلف علاقوں میں بجلی کی طویل بندش سے شہریوں کو شدید مشکلات کا سامنا ہے اور تاجروں نے احتجاج کی دھمکی دی ہے۔

وزیر اعلیٰ نے کہا ہے کہ حکومت عوامی مسائل کے حل کے لیے سنجیدہ ہے اور ترقیاتی منصوبے مقررہ مدت میں مکمل کیے جائیں گے۔

محکمہ موسمیات کے مطابق آئندہ چند روز کے دوران موسم گرم اور خشک رہے گا جبکہ بعض علاقوں میں تیز ہوائیں چلنے کا امکان ہے۔

پولیس نے ملزمان کے خلاف مقدمہ درج کر کے تفتیش شروع کر دی ہے اور علاقے میں سرچ آپریشن جاری ہے جبکہ متاثرہ شہریوں نے انتظامیہ سے انصاف کا مطالبہ کیا ہے۔

ذرائع کے مطابق اجلاس میں مختلف امور پر تفصیلی غور کیا گیا اور متعلقہ حکام کو ہدایت کی گئی کہ وہ فوری اقدامات کریں تاکہ عوام کو ریلیف فراہم کیا جا سکے۔

ذرائع کے مطابق اجلاس میں مختلف امور پر تفصیلی غور کیا گیا اور متعلقہ حکام کو ہدایت کی گئی کہ وہ فوری اقدامات کریں تاکہ عوام کو ریلیف فراہم کیا جا سکے۔

عدالت نے فریقین کے دلائل سننے کے بعد فیصلہ محفوظ کر لیا جبکہ کیس کی مزید سماعت آئندہ ہفتے تک ملتوی کر دی گئی۔

شہر کے مختلف علاقوں میں بجلی کی طویل بندش سے شہریوں کو شدید مشکلات کا سامنا ہے اور تاجروں نے احتجاج کی دھمکی دی ہے۔

وزیر اعلیٰ نے کہا ہے کہ حکومت عوامی مسائل کے حل کے لیے سنجیدہ ہے اور ترقیاتی منصوبے مقررہ مدت میں مکمل کیے جائیں گے۔

محکمہ موسمیات کے مطابق آئندہ چند روز کے دوران موسم گرم اور خشک رہے گا جبکہ بعض علاقوں میں تیز ہوائیں چلنے کا امکان ہے۔

پولیس نے ملزمان کے خلاف مقدمہ درج کر کے تفتیش شروع کر دی ہے اور علاقے میں سرچ آپریشن جاری ہے جبکہ متاثرہ شہریوں نے انتظامیہ سے انصاف کا مطالبہ کیا ہے۔

ذرائع کے مطابق اجلاس میں مختلف امور پر تفصیلی غور کیا گیا اور متعلقہ حکام کو ہدایت کی گئی کہ وہ فوری اقدامات کریں تاکہ عوام کو ریلیف فراہم کیا جا سکے۔

عدالت نے فریقین کے دلائل سننے کے بعد فیصلہ محفوظ کر لیا جبکہ کیس کی مزید سماعت آئندہ ہفتے تک ملتوی کر دی گئی۔

شہر کے مختلف علاقوں میں بجلی کی طویل بندش سے شہریوں کو شدید مشکلات کا سامنا ہے اور تاجروں نے احتجاج کی دھمکی دی ہے۔

وزیر اعلیٰ نے کہا ہے کہ حکومت عوامی مسائل کے حل کے لیے سنجیدہ ہے اور ترقیاتی منصوبے مقررہ مدت میں مکمل کیے جائیں گے۔

محکمہ موسمیات کے مطابق آئندہ چند روز کے دوران موسم گرم اور خشک رہے گا جبکہ بعض علاقوں میں تیز ہوائیں چلنے کا امکان ہے۔

پولیس نے ملزمان کے خلاف مقدمہ درج کر کے تفتیش شروع کر دی ہے اور علاقے میں سرچ آپریشن جاری ہے جبکہ متاثرہ شہریوں نے انتظامیہ سے انصاف کا مطالبہ کیا ہے۔

ذرائع کے مطابق اجلاس میں مختلف امور پر تفصیلی غور کیا گیا اور متعلقہ حکام کو ہدایت کی گئی کہ وہ فوری اقدامات کریں تاکہ عوام کو ریلیف فراہم کیا جا سکے۔

عدالت نے فریقین کے دلائل سننے کے بعد فیصلہ محفوظ کر لیا جبکہ کیس کی مزید سماعت آئندہ ہفتے تک ملتوی کر دی گئی۔

شہر کے مختلف علاقوں میں بجلی کی طویل بندش سے شہریوں کو شدید مشکلات کا سامنا ہے اور تاجروں نے احتجاج کی دھمکی دی ہے۔

وزیر اعلیٰ نے کہا ہے کہ حکومت عوامی مسائل کے حل کے لیے سنجیدہ ہے اور ترقیاتی منصوبے مقررہ مدت میں مکمل کیے جائیں گے۔

محکمہ موسمیات کے مطابق آئندہ چند روز کے دوران موسم گرم اور خشک رہے گا جبکہ بعض علاقوں میں تیز ہوائیں چلنے کا امکان ہے۔

پولیس نے ملزمان کے خلاف مقدمہ درج کر کے تفتیش شروع کر دی ہے اور علاقے میں سرچ آپریشن جاری ہے جبکہ متاثرہ شہریوں نے انتظامیہ سے انصاف کا مطالبہ کیا ہے۔

ذرائع کے مطابق اجلاس میں مختلف امور پر تفصیلی غور کیا گیا اور متعلقہ حکام کو ہدایت کی گئی کہ وہ فوری اقدامات کریں تاکہ عوام کو ریلیف فراہم کیا جا سکے۔

عدالت نے فریقین کے دلائل سننے کے بعد فیصلہ محفوظ کر لیا جبکہ کیس کی مزید سماعت آئندہ ہفتے تک ملتوی کر دی گئی۔

شہر کے مختلف علاقوں میں بجلی کی طویل بندش سے شہریوں کو شدید مشکلات کا سامنا ہے اور تاجروں نے احتجاج کی دھمکی دی ہے۔

وزیر اعلیٰ نے کہا ہے کہ حکومت عوامی مسائل کے حل کے لیے سنجیدہ ہے اور ترقیاتی منصوبے مقررہ مدت میں مکمل کیے جائیں گے۔

محکمہ موسمیات کے مطابق آئندہ چند روز کے دوران موسم گرم اور خشک رہے گا جبکہ بعض علاقوں میں تیز ہوائیں چلنے کا امکان ہے۔

پولیس نے ملزمان کے خلاف مقدمہ درج کر کے تفتیش شروع کر دی ہے اور علاقے میں سرچ آپریشن جاری ہے جبکہ متاثرہ شہریوں نے انتظامیہ سے انصاف کا مطالبہ کیا ہے۔

عدالت عظمیٰ	3

ذرائع کے مطابق اجلاس میں مختلف امور پر تفصیلی غور کیا گیا اور متعلقہ حکام کو ہدایت کی گئی کہ وہ فوری اقدامات کریں تاکہ عوام کو ریلیف فراہم کیا جا سکے۔

عدالت نے فریقین کے دلائل سننے کے بعد فیصلہ محفوظ کر لیا جبکہ کیس کی مزید سماعت آئندہ ہفتے تک ملتوی کر دی گئی۔

شہر کے مختلف علاقوں میں بجلی کی طویل بندش سے شہریوں کو شدید مشکلات کا سامنا ہے اور تاجروں نے احتجاج کی دھمکی دی ہے۔

وزیر اعلیٰ نے کہا ہے کہ حکومت عوامی مسائل کے حل کے لیے سنجیدہ ہے اور ترقیاتی منصوبے مقررہ مدت میں مکمل کیے جائیں گے۔

محکمہ موسمیات کے مطابق آئندہ چند روز کے دوران موسم گرم اور خشک رہے گا جبکہ بعض علاقوں میں تیز ہوائیں چلنے کا امکان ہے۔

پولیس نے ملزمان کے خلاف مقدمہ درج کر کے تفتیش شروع کر دی ہے اور علاقے میں سرچ آپریشن جاری ہے جبکہ متاثرہ شہریوں نے انتظامیہ سے انصاف کا مطالبہ کیا ہے۔

ذرائع کے مطابق اجلاس میں مختلف امور پر تفصیلی غور کیا گیا اور متعلقہ حکام کو ہدایت کی گئی کہ وہ فوری اقدامات کریں تاکہ عوام کو ریلیف فراہم کیا جا سکے۔

عدالت نے فریقین کے دلائل سننے کے بعد فیصلہ محفوظ کر لیا جبکہ کیس کی مزید سماعت آئندہ ہفتے تک ملتوی کر دی گئی۔
